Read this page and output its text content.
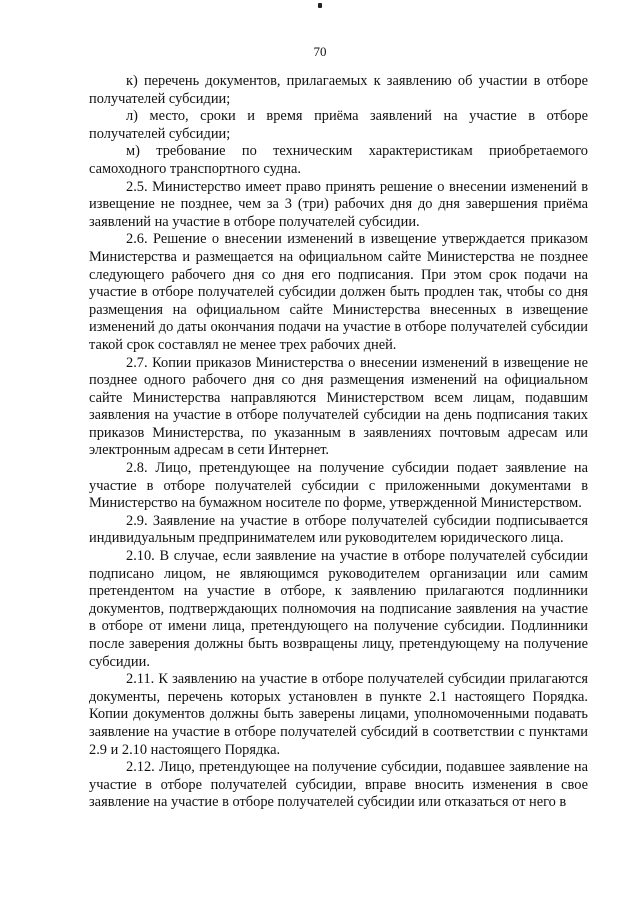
70

к) перечень документов, прилагаемых к заявлению об участии в отборе получателей субсидии;

л) место, сроки и время приёма заявлений на участие в отборе получателей субсидии;

м) требование по техническим характеристикам приобретаемого самоходного транспортного судна.

2.5. Министерство имеет право принять решение о внесении изменений в извещение не позднее, чем за 3 (три) рабочих дня до дня завершения приёма заявлений на участие в отборе получателей субсидии.

2.6. Решение о внесении изменений в извещение утверждается приказом Министерства и размещается на официальном сайте Министерства не позднее следующего рабочего дня со дня его подписания. При этом срок подачи на участие в отборе получателей субсидии должен быть продлен так, чтобы со дня размещения на официальном сайте Министерства внесенных в извещение изменений до даты окончания подачи на участие в отборе получателей субсидии такой срок составлял не менее трех рабочих дней.

2.7. Копии приказов Министерства о внесении изменений в извещение не позднее одного рабочего дня со дня размещения изменений на официальном сайте Министерства направляются Министерством всем лицам, подавшим заявления на участие в отборе получателей субсидии на день подписания таких приказов Министерства, по указанным в заявлениях почтовым адресам или электронным адресам в сети Интернет.

2.8. Лицо, претендующее на получение субсидии подает заявление на участие в отборе получателей субсидии с приложенными документами в Министерство на бумажном носителе по форме, утвержденной Министерством.

2.9. Заявление на участие в отборе получателей субсидии подписывается индивидуальным предпринимателем или руководителем юридического лица.

2.10. В случае, если заявление на участие в отборе получателей субсидии подписано лицом, не являющимся руководителем организации или самим претендентом на участие в отборе, к заявлению прилагаются подлинники документов, подтверждающих полномочия на подписание заявления на участие в отборе от имени лица, претендующего на получение субсидии. Подлинники после заверения должны быть возвращены лицу, претендующему на получение субсидии.

2.11. К заявлению на участие в отборе получателей субсидии прилагаются документы, перечень которых установлен в пункте 2.1 настоящего Порядка. Копии документов должны быть заверены лицами, уполномоченными подавать заявление на участие в отборе получателей субсидий в соответствии с пунктами 2.9 и 2.10 настоящего Порядка.

2.12. Лицо, претендующее на получение субсидии, подавшее заявление на участие в отборе получателей субсидии, вправе вносить изменения в свое заявление на участие в отборе получателей субсидии или отказаться от него в
